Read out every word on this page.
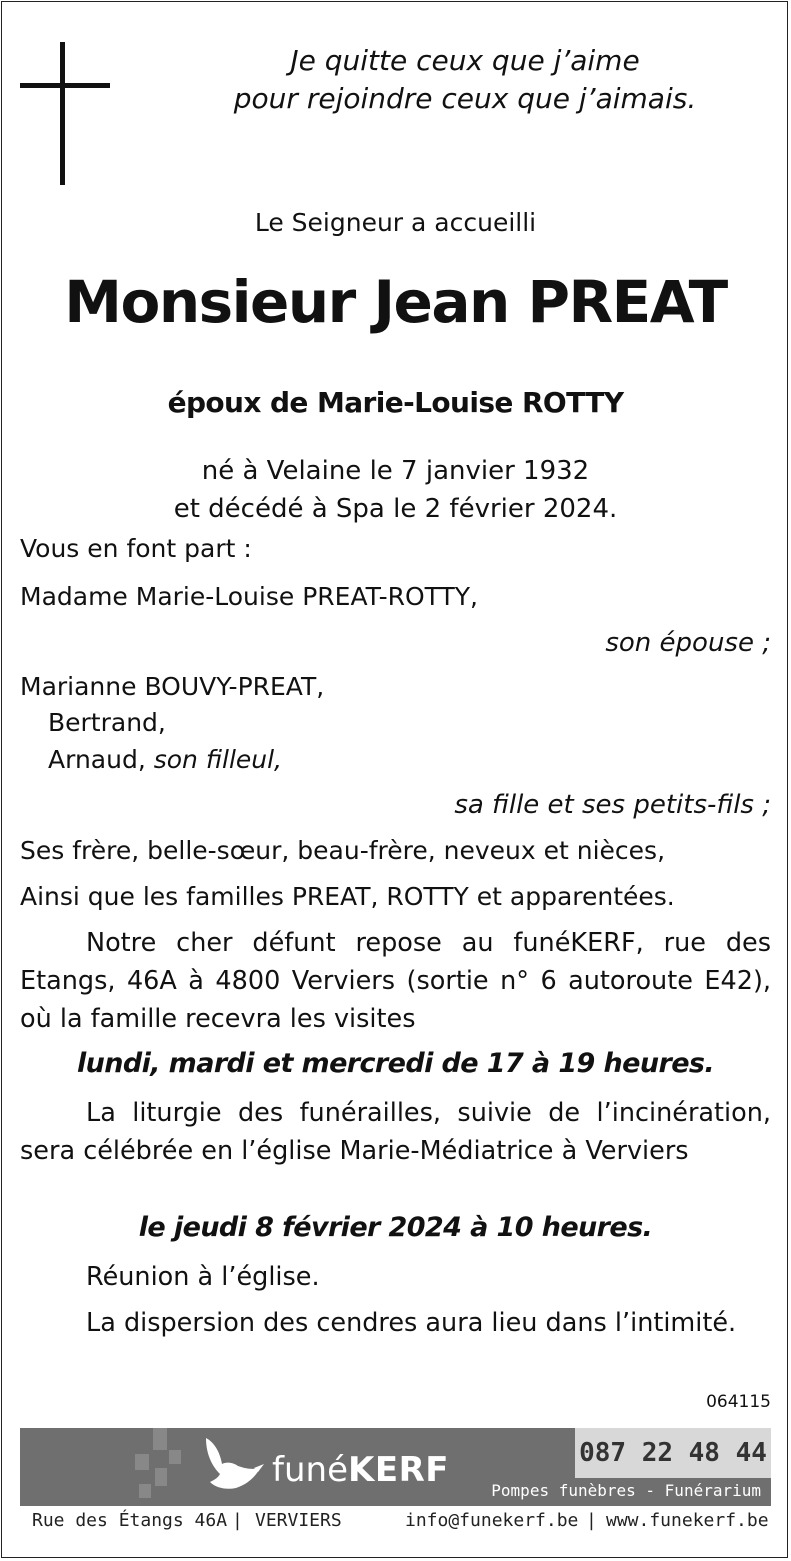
Je quitte ceux que j’aime
pour rejoindre ceux que j’aimais.
Le Seigneur a accueilli
Monsieur Jean PREAT
époux de Marie-Louise ROTTY
né à Velaine le 7 janvier 1932
et décédé à Spa le 2 février 2024.
Vous en font part :
Madame Marie-Louise PREAT-ROTTY,
son épouse ;
Marianne BOUVY-PREAT,
Bertrand,
Arnaud, son filleul,
sa fille et ses petits-fils ;
Ses frère, belle-sœur, beau-frère, neveux et nièces,
Ainsi que les familles PREAT, ROTTY et apparentées.
Notre cher défunt repose au funéKERF, rue des Etangs, 46A à 4800 Verviers (sortie n° 6 autoroute E42), où la famille recevra les visites
lundi, mardi et mercredi de 17 à 19 heures.
La liturgie des funérailles, suivie de l’incinération, sera célébrée en l’église Marie-Médiatrice à Verviers
le jeudi 8 février 2024 à 10 heures.
Réunion à l’église.
La dispersion des cendres aura lieu dans l’intimité.
064115
funéKERF	087 22 48 44
Pompes funèbres - Funérarium
Rue des Étangs 46A | VERVIERS	info@funekerf.be | www.funekerf.be
